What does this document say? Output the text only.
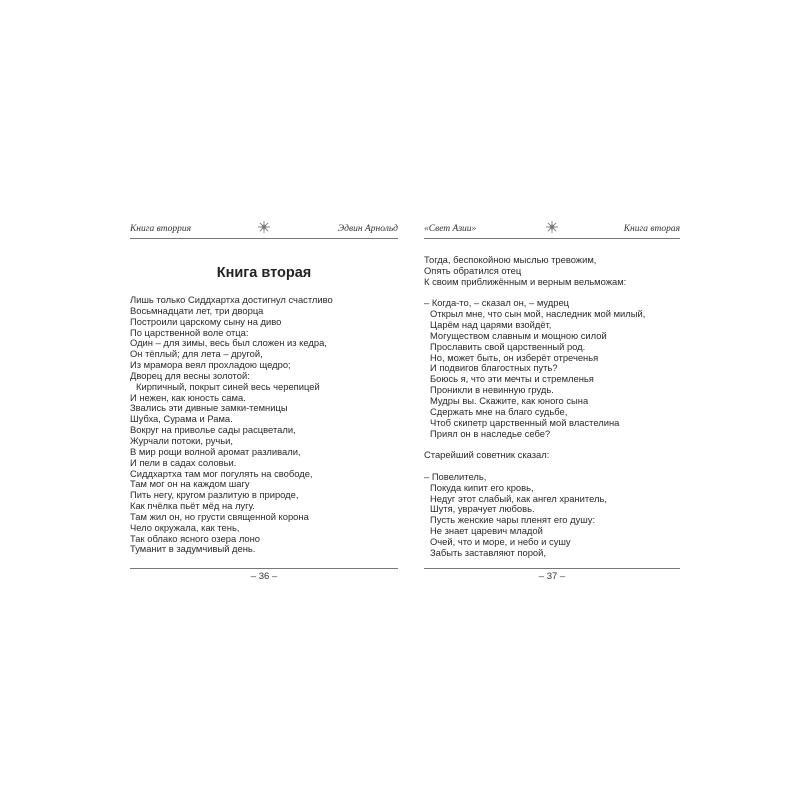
Книга вторрия	Эдвин Арнольд
Книга вторая
Лишь только Сиддхартха достигнул счастливо
Восьмнадцати лет, три дворца
Построили царскому сыну на диво
По царственной воле отца:
Один – для зимы, весь был сложен из кедра,
Он тёплый; для лета – другой,
Из мрамора веял прохладою щедро;
Дворец для весны золотой:
Кирпичный, покрыт синей весь черепицей
И нежен, как юность сама.
Звались эти дивные замки-темницы
Шубха, Сурама и Рама.
Вокруг на приволье сады расцветали,
Журчали потоки, ручьи,
В мир рощи волной аромат разливали,
И пели в садах соловьи.
Сиддхартха там мог погулять на свободе,
Там мог он на каждом шагу
Пить негу, кругом разлитую в природе,
Как пчёлка пьёт мёд на лугу.
Там жил он, но грусти священной корона
Чело окружала, как тень,
Так облако ясного озера лоно
Туманит в задумчивый день.
– 36 –
«Свет Азии»	Книга вторая
Тогда, беспокойною мыслью тревожим,
Опять обратился отец
К своим приближённым и верным вельможам:
– Когда-то, – сказал он, – мудрец
Открыл мне, что сын мой, наследник мой милый,
Царём над царями взойдёт,
Могуществом славным и мощною силой
Прославить свой царственный род.
Но, может быть, он изберёт отреченья
И подвигов благостных путь?
Боюсь я, что эти мечты и стремленья
Проникли в невинную грудь.
Мудры вы. Скажите, как юного сына
Сдержать мне на благо судьбе,
Чтоб скипетр царственный мой властелина
Приял он в наследье себе?
Старейший советник сказал:
– Повелитель,
Покуда кипит его кровь,
Недуг этот слабый, как ангел хранитель,
Шутя, уврачует любовь.
Пусть женские чары пленят его душу:
Не знает царевич младой
Очей, что и море, и небо и сушу
Забыть заставляют порой,
– 37 –
